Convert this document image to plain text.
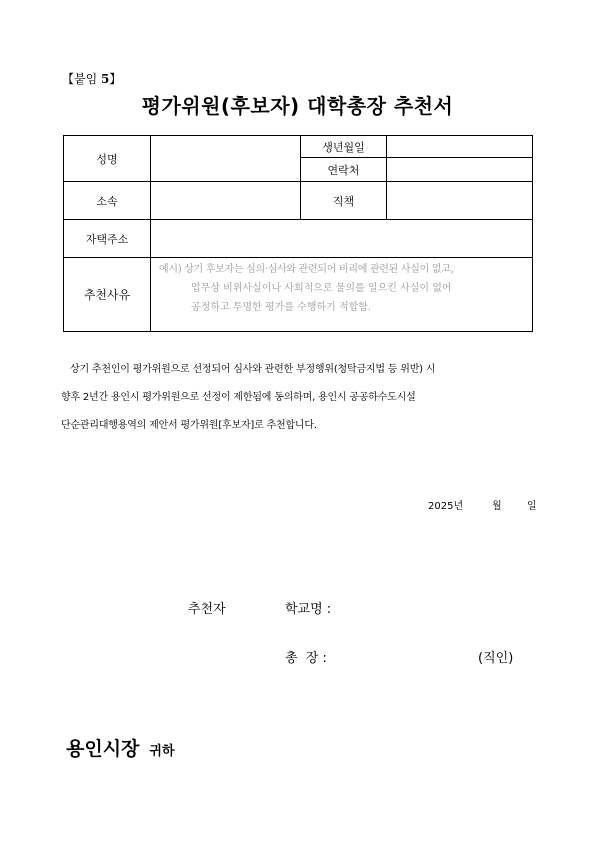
【붙임 5】
평가위원(후보자) 대학총장 추천서
성명		생년월일	
		연락처	
소속		직책	
자택주소			
추천사유	예시) 상기 후보자는 심의·심사와 관련되어 비리에 관련된 사실이 없고,
업무상 비위사실이나 사회적으로 물의를 일으킨 사실이 없어
공정하고 투명한 평가를 수행하기 적합함.		
상기 추천인이 평가위원으로 선정되어 심사와 관련한 부정행위(청탁금지법 등 위반) 시
향후 2년간 용인시 평가위원으로 선정이 제한됨에 동의하며, 용인시 공공하수도시설
단순관리대행용역의 제안서 평가위원[후보자]로 추천합니다.
2025년	월	일
추천자	학교명 :
총  장 :	(직인)
용인시장 귀하
